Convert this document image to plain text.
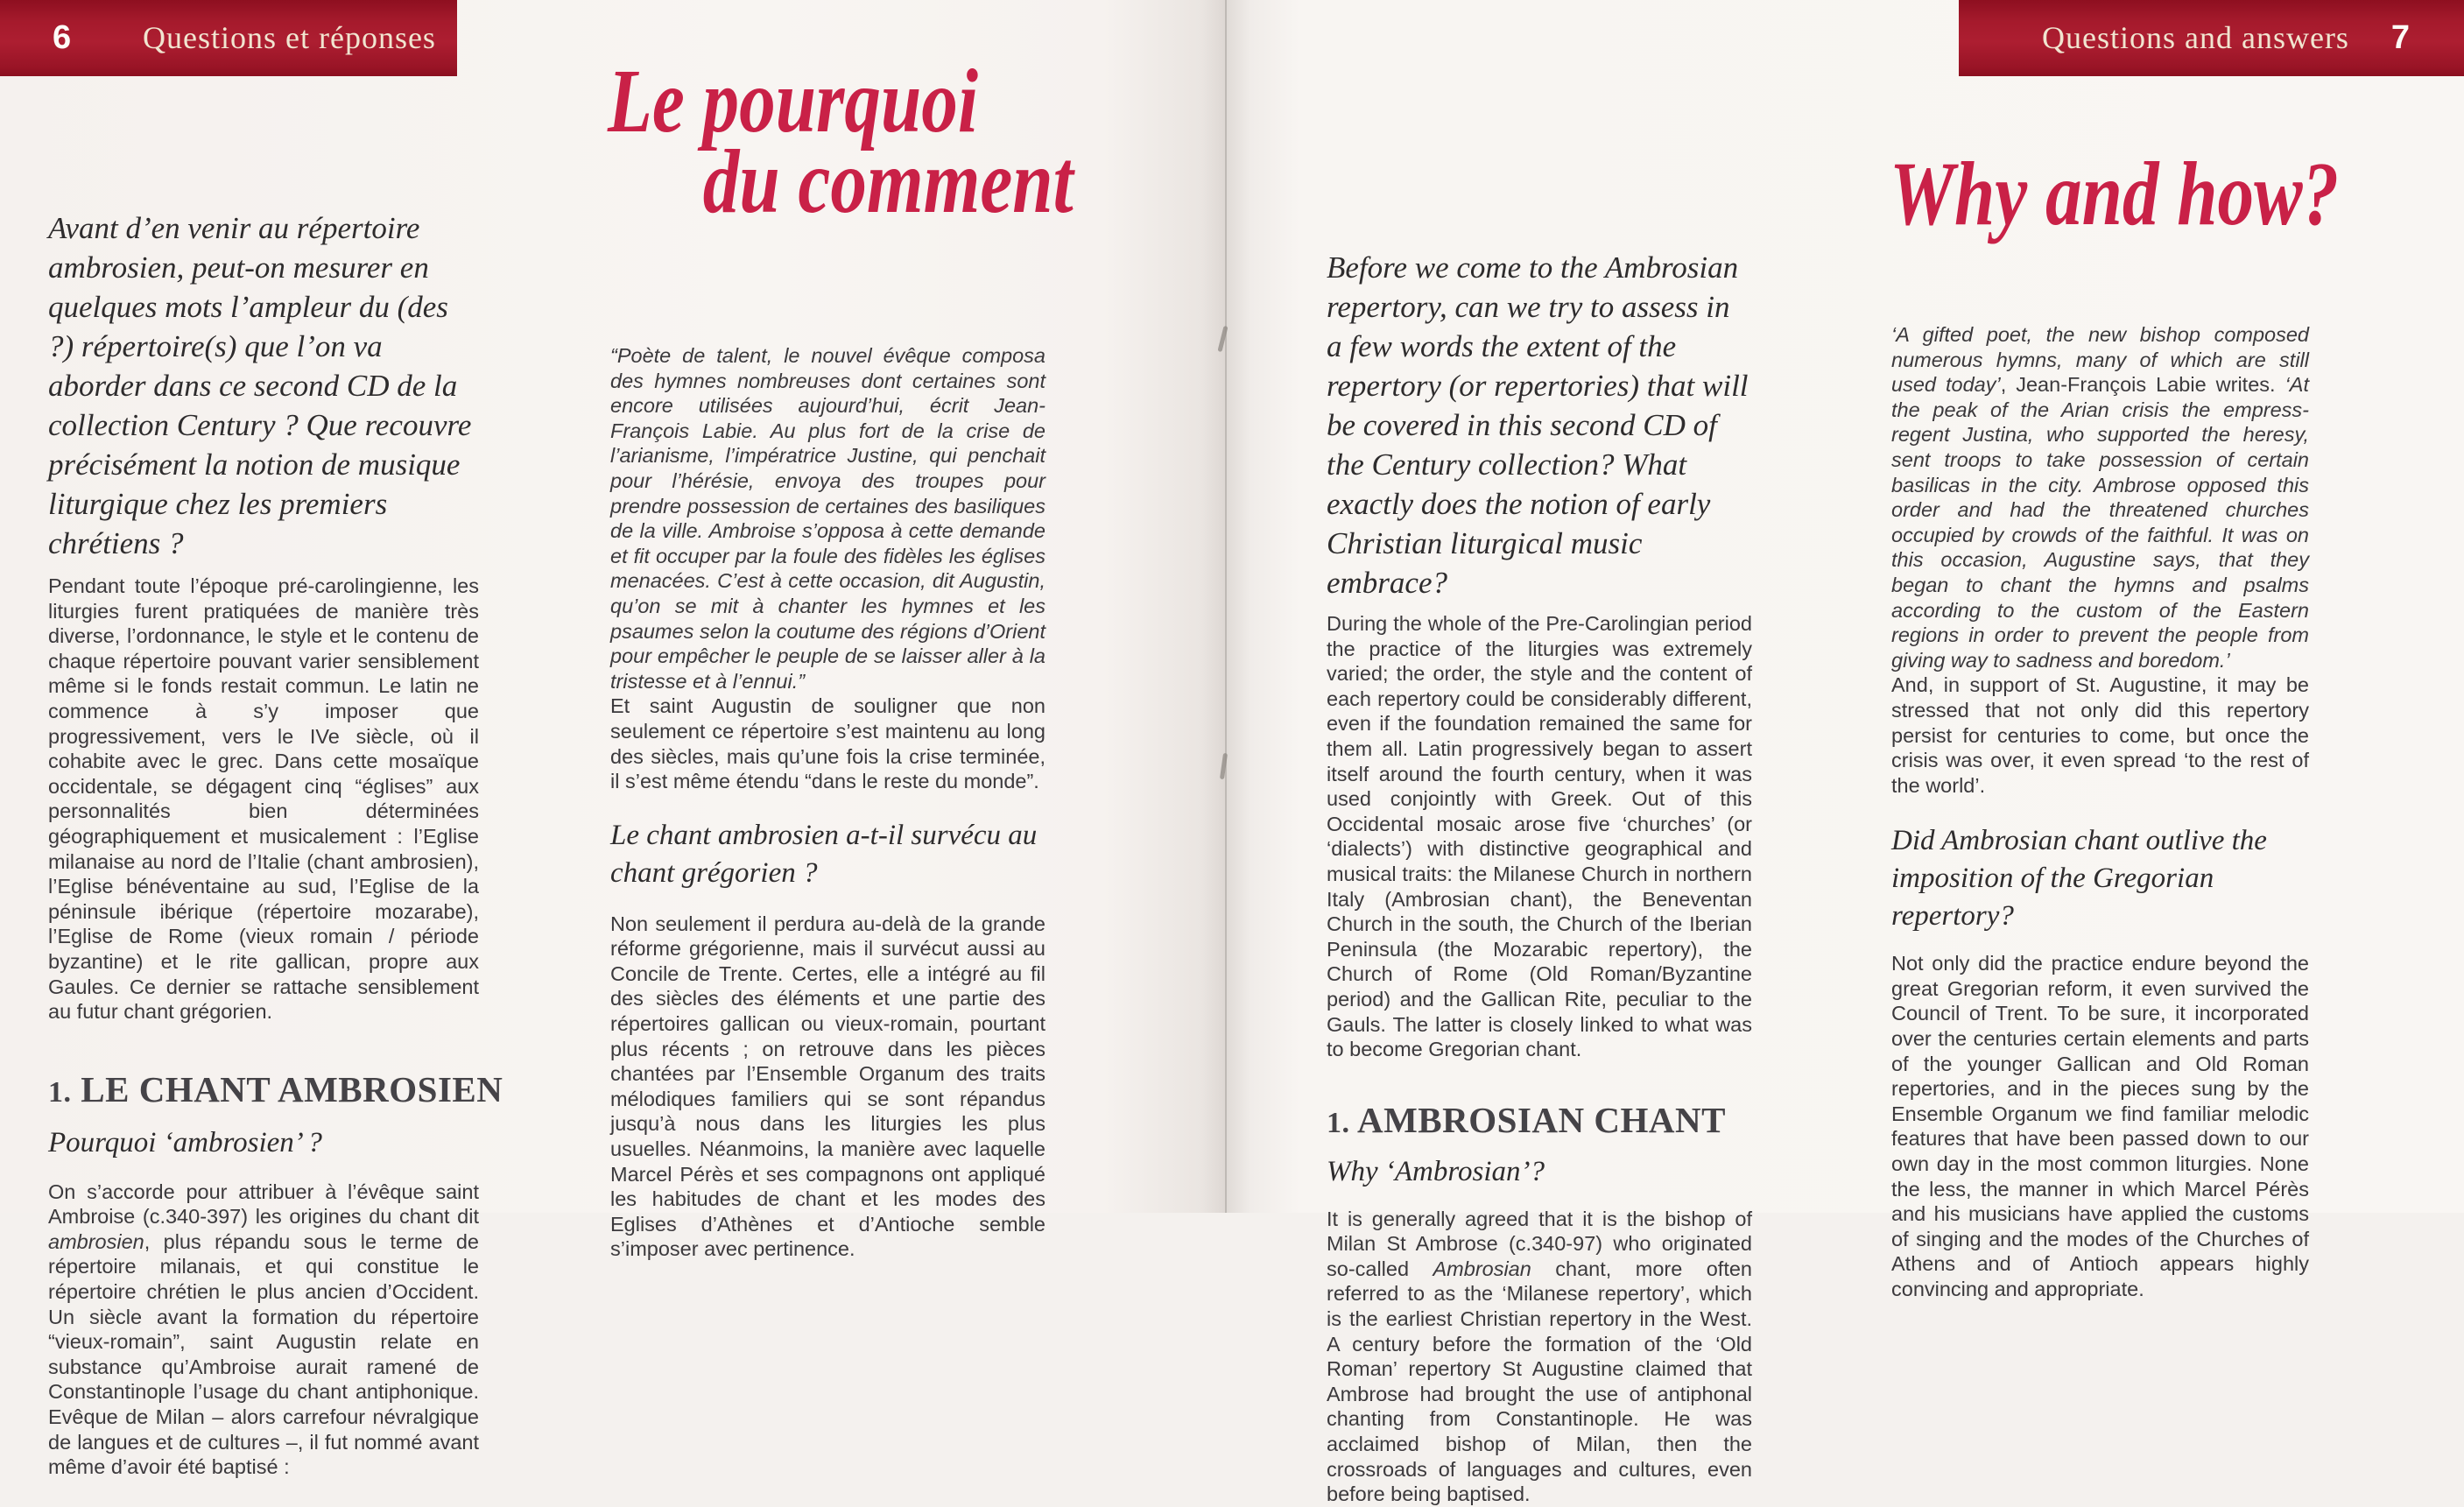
6 Questions et réponses
Le pourquoi
du comment
Avant d’en venir au répertoire ambrosien, peut-on mesurer en quelques mots l’ampleur du (des ?) répertoire(s) que l’on va aborder dans ce second CD de la collection Century ? Que recouvre précisément la notion de musique liturgique chez les premiers chrétiens ?

Pendant toute l’époque pré-carolingienne, les liturgies furent pratiquées de manière très diverse, l’ordonnance, le style et le contenu de chaque répertoire pouvant varier sensiblement même si le fonds restait commun. Le latin ne commence à s’y imposer que progressivement, vers le IVe siècle, où il cohabite avec le grec. Dans cette mosaïque occidentale, se dégagent cinq “églises” aux personnalités bien déterminées géographiquement et musicalement : l’Eglise milanaise au nord de l’Italie (chant ambrosien), l’Eglise bénéventaine au sud, l’Eglise de la péninsule ibérique (répertoire mozarabe), l’Eglise de Rome (vieux romain / période byzantine) et le rite gallican, propre aux Gaules. Ce dernier se rattache sensiblement au futur chant grégorien.

1. LE CHANT AMBROSIEN
Pourquoi ‘ambrosien’ ?

On s’accorde pour attribuer à l’évêque saint Ambroise (c.340-397) les origines du chant dit ambrosien, plus répandu sous le terme de répertoire milanais, et qui constitue le répertoire chrétien le plus ancien d’Occident. Un siècle avant la formation du répertoire “vieux-romain”, saint Augustin relate en substance qu’Ambroise aurait ramené de Constantinople l’usage du chant antiphonique. Evêque de Milan – alors carrefour névralgique de langues et de cultures –, il fut nommé avant même d’avoir été baptisé :

“Poète de talent, le nouvel évêque composa des hymnes nombreuses dont certaines sont encore utilisées aujourd’hui, écrit Jean-François Labie. Au plus fort de la crise de l’arianisme, l’impératrice Justine, qui penchait pour l’hérésie, envoya des troupes pour prendre possession de certaines des basiliques de la ville. Ambroise s’opposa à cette demande et fit occuper par la foule des fidèles les églises menacées. C’est à cette occasion, dit Augustin, qu’on se mit à chanter les hymnes et les psaumes selon la coutume des régions d’Orient pour empêcher le peuple de se laisser aller à la tristesse et à l’ennui.”

Et saint Augustin de souligner que non seulement ce répertoire s’est maintenu au long des siècles, mais qu’une fois la crise terminée, il s’est même étendu “dans le reste du monde”.

Le chant ambrosien a-t-il survécu au chant grégorien ?

Non seulement il perdura au-delà de la grande réforme grégorienne, mais il survécut aussi au Concile de Trente. Certes, elle a intégré au fil des siècles des éléments et une partie des répertoires gallican ou vieux-romain, pourtant plus récents ; on retrouve dans les pièces chantées par l’Ensemble Organum des traits mélodiques familiers qui se sont répandus jusqu’à nous dans les liturgies les plus usuelles. Néanmoins, la manière avec laquelle Marcel Pérès et ses compagnons ont appliqué les habitudes de chant et les modes des Eglises d’Athènes et d’Antioche semble s’imposer avec pertinence.

Questions and answers 7
Why and how?
Before we come to the Ambrosian repertory, can we try to assess in a few words the extent of the repertory (or repertories) that will be covered in this second CD of the Century collection? What exactly does the notion of early Christian liturgical music embrace?

During the whole of the Pre-Carolingian period the practice of the liturgies was extremely varied; the order, the style and the content of each repertory could be considerably different, even if the foundation remained the same for them all. Latin progressively began to assert itself around the fourth century, when it was used conjointly with Greek. Out of this Occidental mosaic arose five ‘churches’ (or ‘dialects’) with distinctive geographical and musical traits: the Milanese Church in northern Italy (Ambrosian chant), the Beneventan Church in the south, the Church of the Iberian Peninsula (the Mozarabic repertory), the Church of Rome (Old Roman/Byzantine period) and the Gallican Rite, peculiar to the Gauls. The latter is closely linked to what was to become Gregorian chant.

1. AMBROSIAN CHANT
Why ‘Ambrosian’?

It is generally agreed that it is the bishop of Milan St Ambrose (c.340-97) who originated so-called Ambrosian chant, more often referred to as the ‘Milanese repertory’, which is the earliest Christian repertory in the West. A century before the formation of the ‘Old Roman’ repertory St Augustine claimed that Ambrose had brought the use of antiphonal chanting from Constantinople. He was acclaimed bishop of Milan, then the crossroads of languages and cultures, even before being baptised.

‘A gifted poet, the new bishop composed numerous hymns, many of which are still used today’, Jean-François Labie writes. ‘At the peak of the Arian crisis the empress-regent Justina, who supported the heresy, sent troops to take possession of certain basilicas in the city. Ambrose opposed this order and had the threatened churches occupied by crowds of the faithful. It was on this occasion, Augustine says, that they began to chant the hymns and psalms according to the custom of the Eastern regions in order to prevent the people from giving way to sadness and boredom.’

And, in support of St. Augustine, it may be stressed that not only did this repertory persist for centuries to come, but once the crisis was over, it even spread ‘to the rest of the world’.

Did Ambrosian chant outlive the imposition of the Gregorian repertory?

Not only did the practice endure beyond the great Gregorian reform, it even survived the Council of Trent. To be sure, it incorporated over the centuries certain elements and parts of the younger Gallican and Old Roman repertories, and in the pieces sung by the Ensemble Organum we find familiar melodic features that have been passed down to our own day in the most common liturgies. None the less, the manner in which Marcel Pérès and his musicians have applied the customs of singing and the modes of the Churches of Athens and of Antioch appears highly convincing and appropriate.
